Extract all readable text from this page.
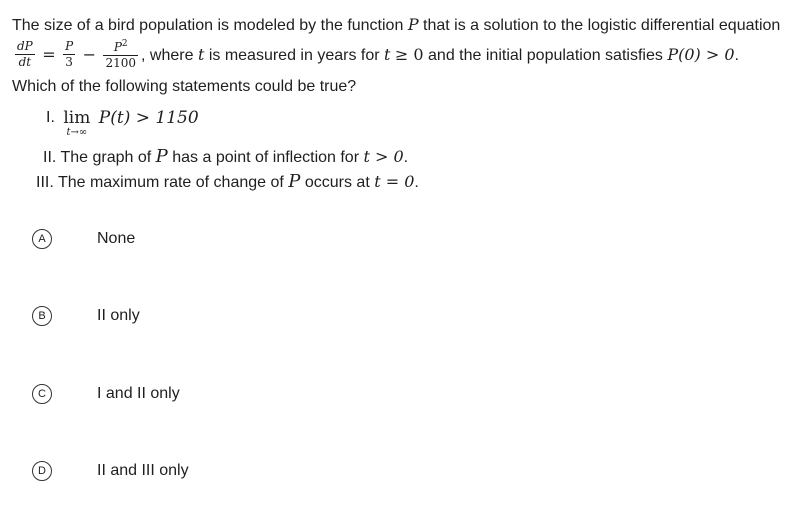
The size of a bird population is modeled by the function P that is a solution to the logistic differential equation
$\frac{dP}{dt} = \frac{P}{3} - \frac{P^2}{2100}$ , where t is measured in years for t ≥ 0 and the initial population satisfies P(0) > 0. Which of the following statements could be true?
I. lim
t→∞
P(t) > 1150
II. The graph of P has a point of inflection for t > 0.
III. The maximum rate of change of P occurs at t = 0.
A	None
B	II only
C	I and II only
D	II and III only
